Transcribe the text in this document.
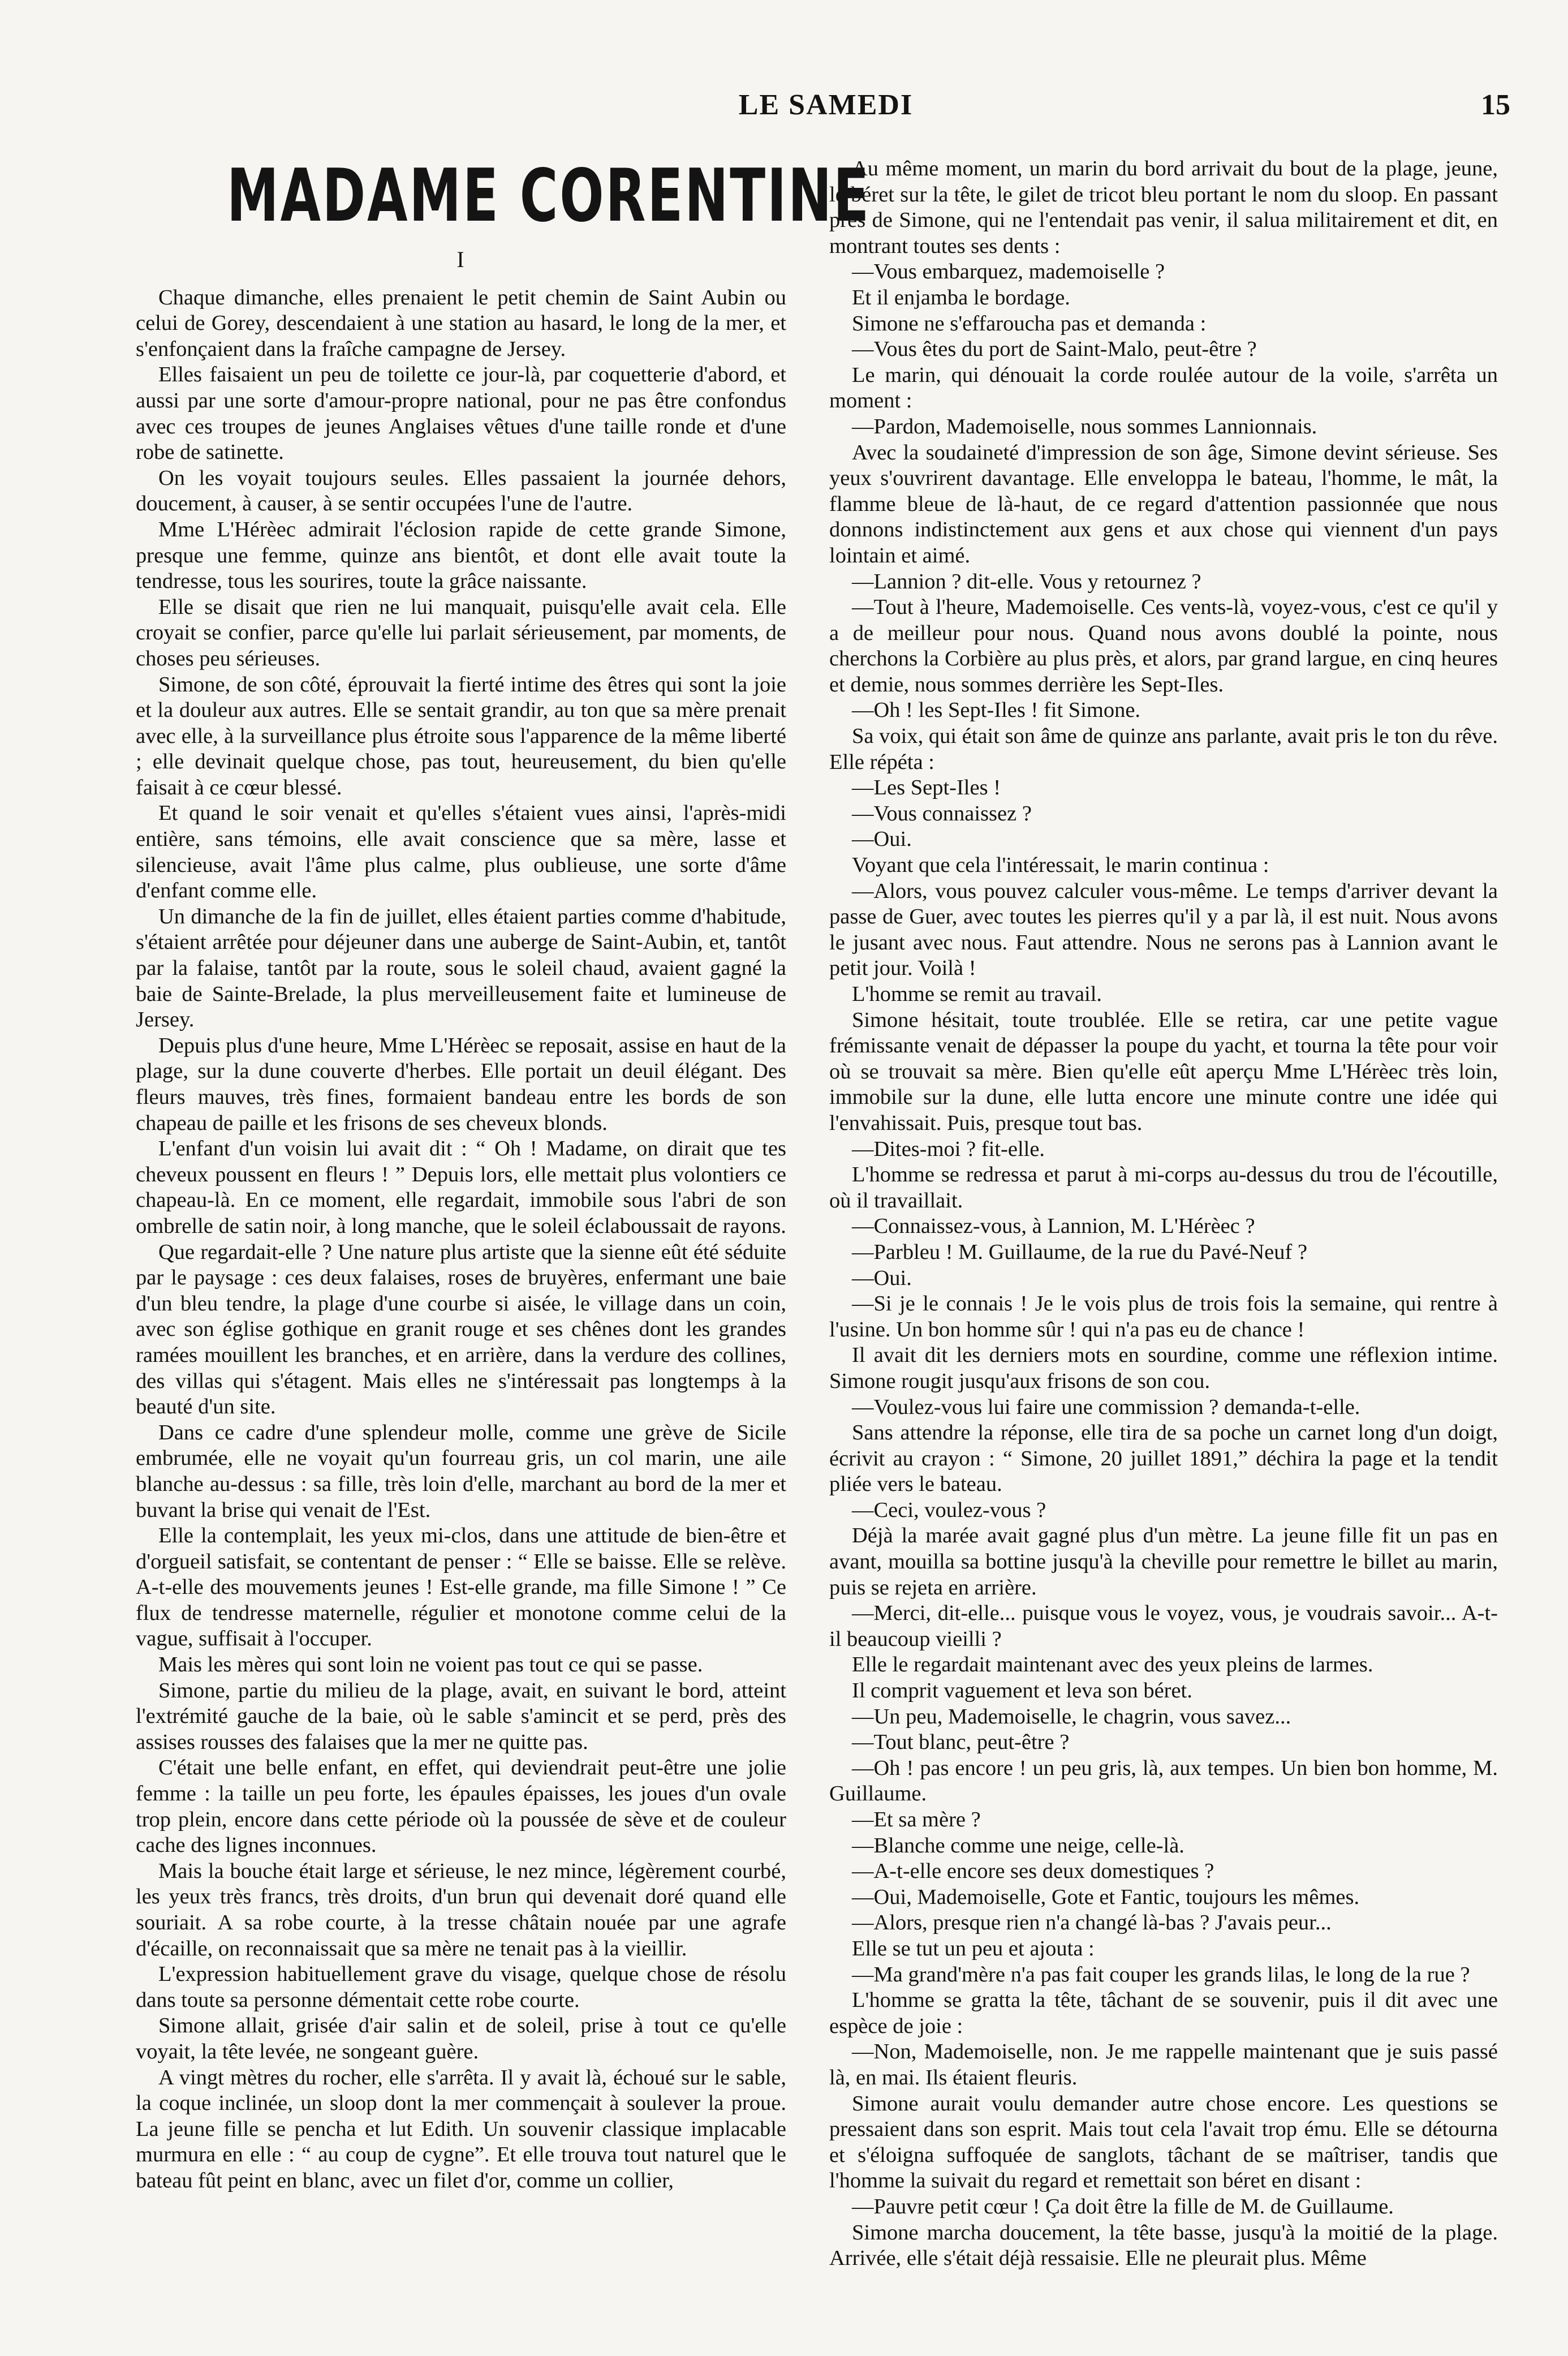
LE SAMEDI	15
MADAME CORENTINE
I

Chaque dimanche, elles prenaient le petit chemin de Saint Aubin ou celui de Gorey, descendaient à une station au hasard, le long de la mer, et s'enfonçaient dans la fraîche campagne de Jersey.

Elles faisaient un peu de toilette ce jour-là, par coquetterie d'abord, et aussi par une sorte d'amour-propre national, pour ne pas être confondus avec ces troupes de jeunes Anglaises vêtues d'une taille ronde et d'une robe de satinette.

On les voyait toujours seules. Elles passaient la journée dehors, doucement, à causer, à se sentir occupées l'une de l'autre.

Mme L'Hérèec admirait l'éclosion rapide de cette grande Simone, presque une femme, quinze ans bientôt, et dont elle avait toute la tendresse, tous les sourires, toute la grâce naissante.

Elle se disait que rien ne lui manquait, puisqu'elle avait cela. Elle croyait se confier, parce qu'elle lui parlait sérieusement, par moments, de choses peu sérieuses.

Simone, de son côté, éprouvait la fierté intime des êtres qui sont la joie et la douleur aux autres. Elle se sentait grandir, au ton que sa mère prenait avec elle, à la surveillance plus étroite sous l'apparence de la même liberté ; elle devinait quelque chose, pas tout, heureusement, du bien qu'elle faisait à ce cœur blessé.

Et quand le soir venait et qu'elles s'étaient vues ainsi, l'après-midi entière, sans témoins, elle avait conscience que sa mère, lasse et silencieuse, avait l'âme plus calme, plus oublieuse, une sorte d'âme d'enfant comme elle.

Un dimanche de la fin de juillet, elles étaient parties comme d'habitude, s'étaient arrêtée pour déjeuner dans une auberge de Saint-Aubin, et, tantôt par la falaise, tantôt par la route, sous le soleil chaud, avaient gagné la baie de Sainte-Brelade, la plus merveilleusement faite et lumineuse de Jersey.

Depuis plus d'une heure, Mme L'Hérèec se reposait, assise en haut de la plage, sur la dune couverte d'herbes. Elle portait un deuil élégant. Des fleurs mauves, très fines, formaient bandeau entre les bords de son chapeau de paille et les frisons de ses cheveux blonds.

L'enfant d'un voisin lui avait dit : “ Oh ! Madame, on dirait que tes cheveux poussent en fleurs ! ” Depuis lors, elle mettait plus volontiers ce chapeau-là. En ce moment, elle regardait, immobile sous l'abri de son ombrelle de satin noir, à long manche, que le soleil éclaboussait de rayons.

Que regardait-elle ? Une nature plus artiste que la sienne eût été séduite par le paysage : ces deux falaises, roses de bruyères, enfermant une baie d'un bleu tendre, la plage d'une courbe si aisée, le village dans un coin, avec son église gothique en granit rouge et ses chênes dont les grandes ramées mouillent les branches, et en arrière, dans la verdure des collines, des villas qui s'étagent. Mais elles ne s'intéressait pas longtemps à la beauté d'un site.

Dans ce cadre d'une splendeur molle, comme une grève de Sicile embrumée, elle ne voyait qu'un fourreau gris, un col marin, une aile blanche au-dessus : sa fille, très loin d'elle, marchant au bord de la mer et buvant la brise qui venait de l'Est.

Elle la contemplait, les yeux mi-clos, dans une attitude de bien-être et d'orgueil satisfait, se contentant de penser : “ Elle se baisse. Elle se relève. A-t-elle des mouvements jeunes ! Est-elle grande, ma fille Simone ! ” Ce flux de tendresse maternelle, régulier et monotone comme celui de la vague, suffisait à l'occuper.

Mais les mères qui sont loin ne voient pas tout ce qui se passe.

Simone, partie du milieu de la plage, avait, en suivant le bord, atteint l'extrémité gauche de la baie, où le sable s'amincit et se perd, près des assises rousses des falaises que la mer ne quitte pas.

C'était une belle enfant, en effet, qui deviendrait peut-être une jolie femme : la taille un peu forte, les épaules épaisses, les joues d'un ovale trop plein, encore dans cette période où la poussée de sève et de couleur cache des lignes inconnues.

Mais la bouche était large et sérieuse, le nez mince, légèrement courbé, les yeux très francs, très droits, d'un brun qui devenait doré quand elle souriait. A sa robe courte, à la tresse châtain nouée par une agrafe d'écaille, on reconnaissait que sa mère ne tenait pas à la vieillir.

L'expression habituellement grave du visage, quelque chose de résolu dans toute sa personne démentait cette robe courte.

Simone allait, grisée d'air salin et de soleil, prise à tout ce qu'elle voyait, la tête levée, ne songeant guère.

A vingt mètres du rocher, elle s'arrêta. Il y avait là, échoué sur le sable, la coque inclinée, un sloop dont la mer commençait à soulever la proue. La jeune fille se pencha et lut Edith. Un souvenir classique implacable murmura en elle : “ au coup de cygne”. Et elle trouva tout naturel que le bateau fût peint en blanc, avec un filet d'or, comme un collier,

Au même moment, un marin du bord arrivait du bout de la plage, jeune, le béret sur la tête, le gilet de tricot bleu portant le nom du sloop. En passant près de Simone, qui ne l'entendait pas venir, il salua militairement et dit, en montrant toutes ses dents :

—Vous embarquez, mademoiselle ?

Et il enjamba le bordage.

Simone ne s'effaroucha pas et demanda :

—Vous êtes du port de Saint-Malo, peut-être ?

Le marin, qui dénouait la corde roulée autour de la voile, s'arrêta un moment :

—Pardon, Mademoiselle, nous sommes Lannionnais.

Avec la soudaineté d'impression de son âge, Simone devint sérieuse. Ses yeux s'ouvrirent davantage. Elle enveloppa le bateau, l'homme, le mât, la flamme bleue de là-haut, de ce regard d'attention passionnée que nous donnons indistinctement aux gens et aux chose qui viennent d'un pays lointain et aimé.

—Lannion ? dit-elle. Vous y retournez ?

—Tout à l'heure, Mademoiselle. Ces vents-là, voyez-vous, c'est ce qu'il y a de meilleur pour nous. Quand nous avons doublé la pointe, nous cherchons la Corbière au plus près, et alors, par grand largue, en cinq heures et demie, nous sommes derrière les Sept-Iles.

—Oh ! les Sept-Iles ! fit Simone.

Sa voix, qui était son âme de quinze ans parlante, avait pris le ton du rêve. Elle répéta :

—Les Sept-Iles !

—Vous connaissez ?

—Oui.

Voyant que cela l'intéressait, le marin continua :

—Alors, vous pouvez calculer vous-même. Le temps d'arriver devant la passe de Guer, avec toutes les pierres qu'il y a par là, il est nuit. Nous avons le jusant avec nous. Faut attendre. Nous ne serons pas à Lannion avant le petit jour. Voilà !

L'homme se remit au travail.

Simone hésitait, toute troublée. Elle se retira, car une petite vague frémissante venait de dépasser la poupe du yacht, et tourna la tête pour voir où se trouvait sa mère. Bien qu'elle eût aperçu Mme L'Hérèec très loin, immobile sur la dune, elle lutta encore une minute contre une idée qui l'envahissait. Puis, presque tout bas.

—Dites-moi ? fit-elle.

L'homme se redressa et parut à mi-corps au-dessus du trou de l'écoutille, où il travaillait.

—Connaissez-vous, à Lannion, M. L'Hérèec ?

—Parbleu ! M. Guillaume, de la rue du Pavé-Neuf ?

—Oui.

—Si je le connais ! Je le vois plus de trois fois la semaine, qui rentre à l'usine. Un bon homme sûr ! qui n'a pas eu de chance !

Il avait dit les derniers mots en sourdine, comme une réflexion intime. Simone rougit jusqu'aux frisons de son cou.

—Voulez-vous lui faire une commission ? demanda-t-elle.

Sans attendre la réponse, elle tira de sa poche un carnet long d'un doigt, écrivit au crayon : “ Simone, 20 juillet 1891,” déchira la page et la tendit pliée vers le bateau.

—Ceci, voulez-vous ?

Déjà la marée avait gagné plus d'un mètre. La jeune fille fit un pas en avant, mouilla sa bottine jusqu'à la cheville pour remettre le billet au marin, puis se rejeta en arrière.

—Merci, dit-elle... puisque vous le voyez, vous, je voudrais savoir... A-t-il beaucoup vieilli ?

Elle le regardait maintenant avec des yeux pleins de larmes.

Il comprit vaguement et leva son béret.

—Un peu, Mademoiselle, le chagrin, vous savez...

—Tout blanc, peut-être ?

—Oh ! pas encore ! un peu gris, là, aux tempes. Un bien bon homme, M. Guillaume.

—Et sa mère ?

—Blanche comme une neige, celle-là.

—A-t-elle encore ses deux domestiques ?

—Oui, Mademoiselle, Gote et Fantic, toujours les mêmes.

—Alors, presque rien n'a changé là-bas ? J'avais peur...

Elle se tut un peu et ajouta :

—Ma grand'mère n'a pas fait couper les grands lilas, le long de la rue ?

L'homme se gratta la tête, tâchant de se souvenir, puis il dit avec une espèce de joie :

—Non, Mademoiselle, non. Je me rappelle maintenant que je suis passé là, en mai. Ils étaient fleuris.

Simone aurait voulu demander autre chose encore. Les questions se pressaient dans son esprit. Mais tout cela l'avait trop ému. Elle se détourna et s'éloigna suffoquée de sanglots, tâchant de se maîtriser, tandis que l'homme la suivait du regard et remettait son béret en disant :

—Pauvre petit cœur ! Ça doit être la fille de M. de Guillaume.

Simone marcha doucement, la tête basse, jusqu'à la moitié de la plage. Arrivée, elle s'était déjà ressaisie. Elle ne pleurait plus. Même
